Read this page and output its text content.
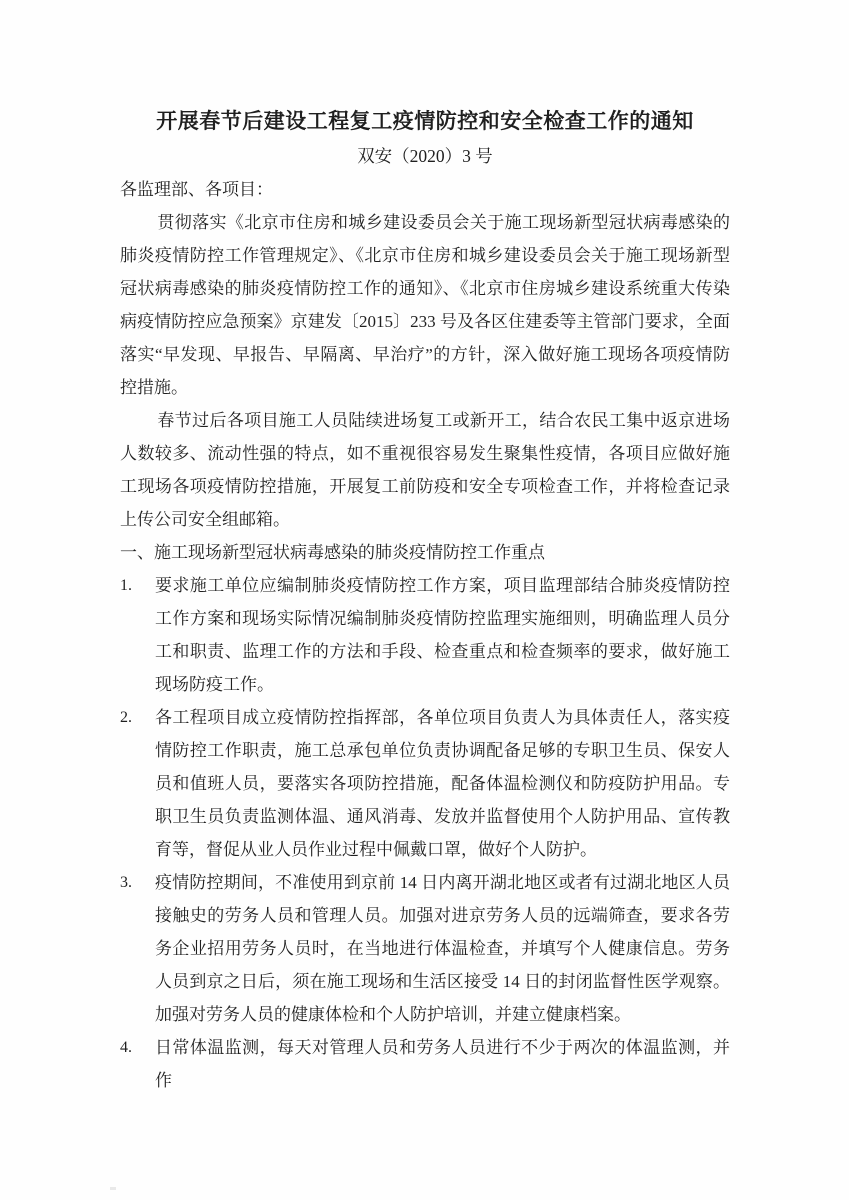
开展春节后建设工程复工疫情防控和安全检查工作的通知
双安（2020）3 号
各监理部、各项目：

贯彻落实《北京市住房和城乡建设委员会关于施工现场新型冠状病毒感染的肺炎疫情防控工作管理规定》、《北京市住房和城乡建设委员会关于施工现场新型冠状病毒感染的肺炎疫情防控工作的通知》、《北京市住房城乡建设系统重大传染病疫情防控应急预案》京建发〔2015〕233 号及各区住建委等主管部门要求，全面落实“早发现、早报告、早隔离、早治疗”的方针，深入做好施工现场各项疫情防控措施。

春节过后各项目施工人员陆续进场复工或新开工，结合农民工集中返京进场人数较多、流动性强的特点，如不重视很容易发生聚集性疫情，各项目应做好施工现场各项疫情防控措施，开展复工前防疫和安全专项检查工作，并将检查记录上传公司安全组邮箱。

一、施工现场新型冠状病毒感染的肺炎疫情防控工作重点
1.	要求施工单位应编制肺炎疫情防控工作方案，项目监理部结合肺炎疫情防控工作方案和现场实际情况编制肺炎疫情防控监理实施细则，明确监理人员分工和职责、监理工作的方法和手段、检查重点和检查频率的要求，做好施工现场防疫工作。
2.	各工程项目成立疫情防控指挥部，各单位项目负责人为具体责任人，落实疫情防控工作职责，施工总承包单位负责协调配备足够的专职卫生员、保安人员和值班人员，要落实各项防控措施，配备体温检测仪和防疫防护用品。专职卫生员负责监测体温、通风消毒、发放并监督使用个人防护用品、宣传教育等，督促从业人员作业过程中佩戴口罩，做好个人防护。
3.	疫情防控期间，不准使用到京前 14 日内离开湖北地区或者有过湖北地区人员接触史的劳务人员和管理人员。加强对进京劳务人员的远端筛查，要求各劳务企业招用劳务人员时，在当地进行体温检查，并填写个人健康信息。劳务人员到京之日后，须在施工现场和生活区接受 14 日的封闭监督性医学观察。加强对劳务人员的健康体检和个人防护培训，并建立健康档案。
4.	日常体温监测，每天对管理人员和劳务人员进行不少于两次的体温监测，并作
